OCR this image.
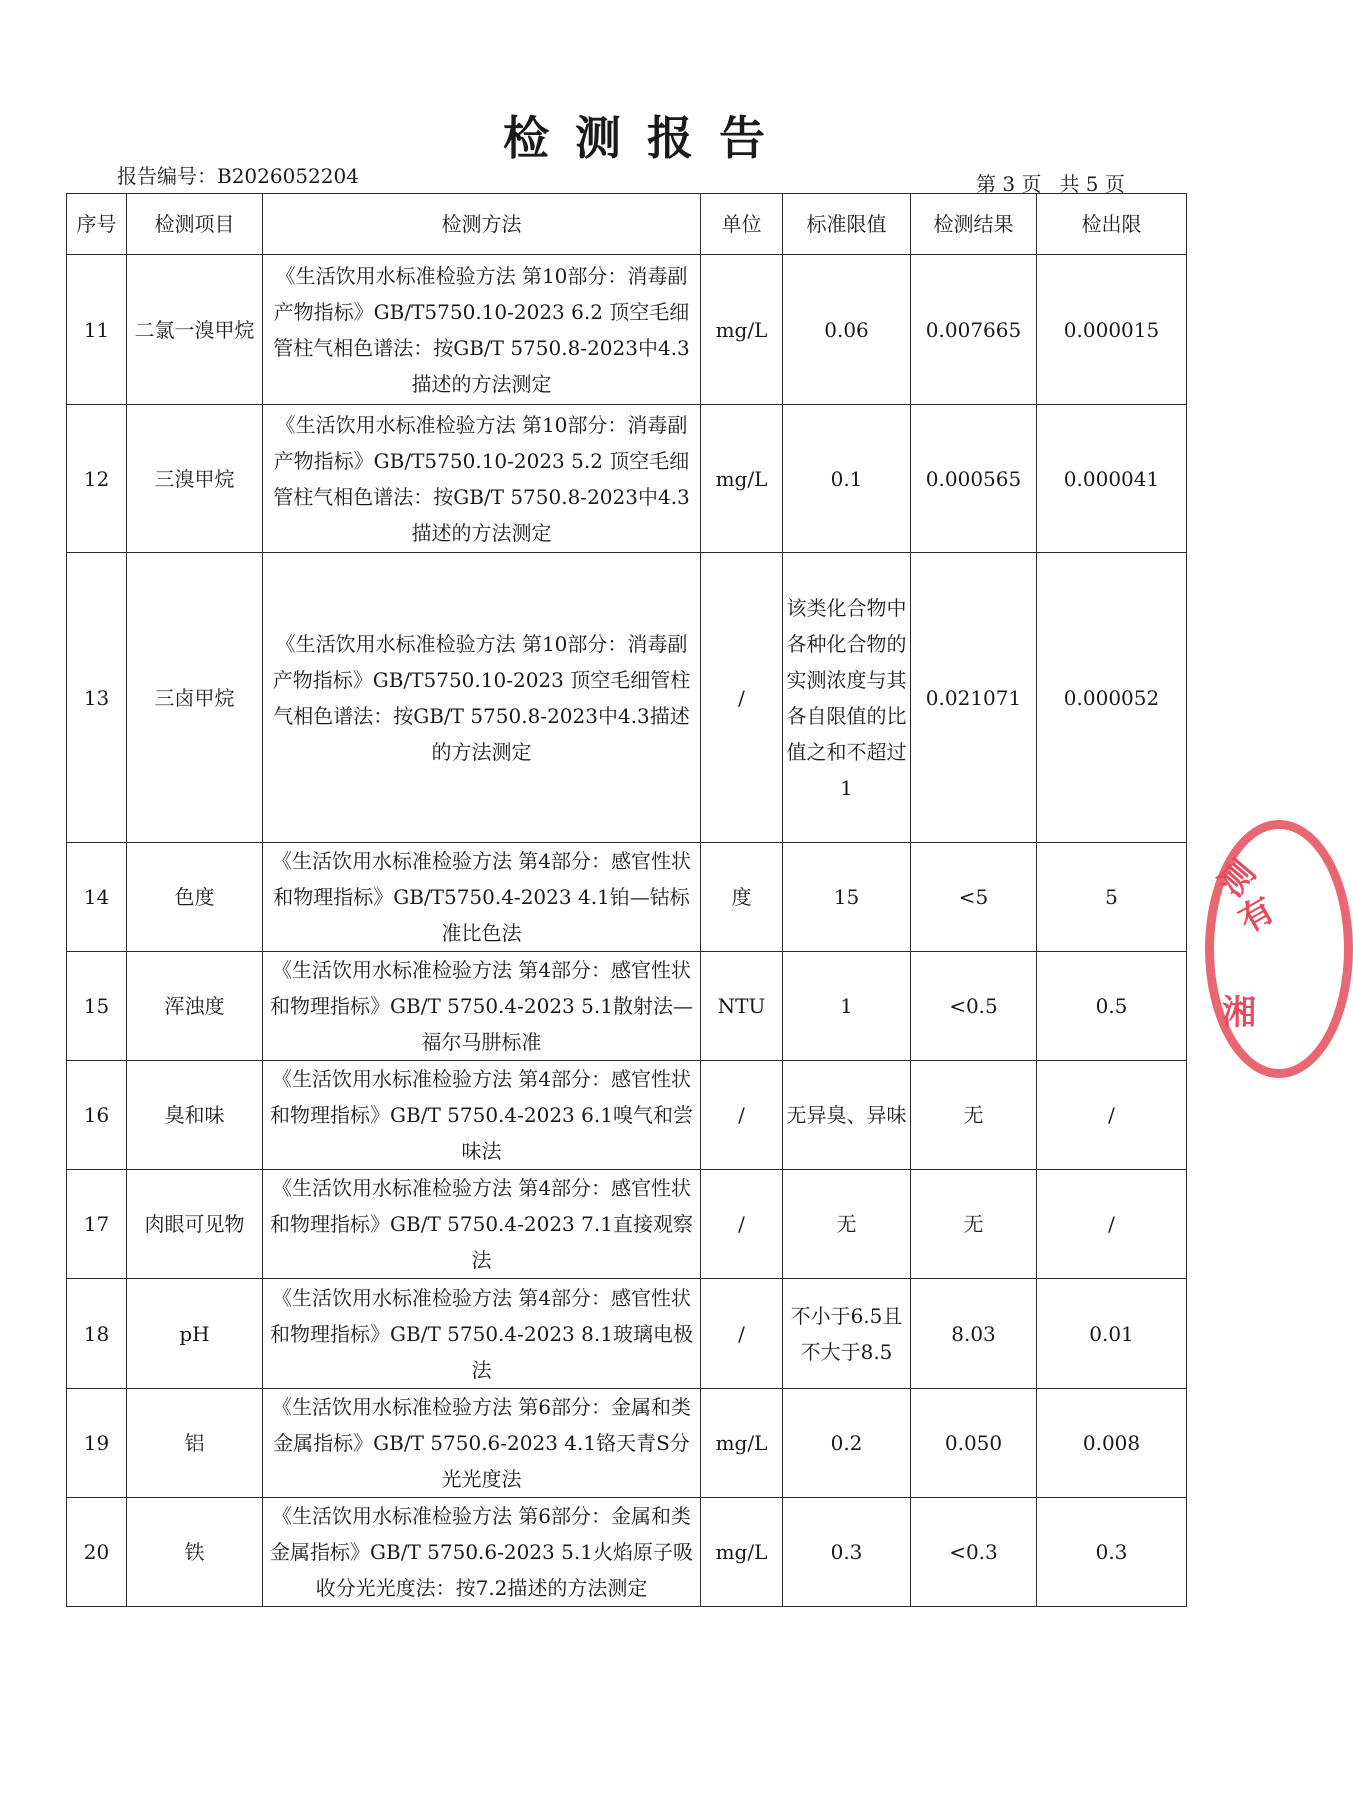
检测报告
报告编号：B2026052204	第 3 页 共 5 页
序号	检测项目	检测方法	单位	标准限值	检测结果	检出限
11	二氯一溴甲烷	《生活饮用水标准检验方法 第10部分：消毒副产物指标》GB/T5750.10-2023 6.2 顶空毛细管柱气相色谱法：按GB/T 5750.8-2023中4.3描述的方法测定	mg/L	0.06	0.007665	0.000015
12	三溴甲烷	《生活饮用水标准检验方法 第10部分：消毒副产物指标》GB/T5750.10-2023 5.2 顶空毛细管柱气相色谱法：按GB/T 5750.8-2023中4.3描述的方法测定	mg/L	0.1	0.000565	0.000041
13	三卤甲烷	《生活饮用水标准检验方法 第10部分：消毒副产物指标》GB/T5750.10-2023 顶空毛细管柱气相色谱法：按GB/T 5750.8-2023中4.3描述的方法测定	/	该类化合物中各种化合物的实测浓度与其各自限值的比值之和不超过1	0.021071	0.000052
14	色度	《生活饮用水标准检验方法 第4部分：感官性状和物理指标》GB/T5750.4-2023 4.1铂—钴标准比色法	度	15	<5	5
15	浑浊度	《生活饮用水标准检验方法 第4部分：感官性状和物理指标》GB/T 5750.4-2023 5.1散射法—福尔马肼标准	NTU	1	<0.5	0.5
16	臭和味	《生活饮用水标准检验方法 第4部分：感官性状和物理指标》GB/T 5750.4-2023 6.1嗅气和尝味法	/	无异臭、异味	无	/
17	肉眼可见物	《生活饮用水标准检验方法 第4部分：感官性状和物理指标》GB/T 5750.4-2023 7.1直接观察法	/	无	无	/
18	pH	《生活饮用水标准检验方法 第4部分：感官性状和物理指标》GB/T 5750.4-2023 8.1玻璃电极法	/	不小于6.5且不大于8.5	8.03	0.01
19	铝	《生活饮用水标准检验方法 第6部分：金属和类金属指标》GB/T 5750.6-2023 4.1铬天青S分光光度法	mg/L	0.2	0.050	0.008
20	铁	《生活饮用水标准检验方法 第6部分：金属和类金属指标》GB/T 5750.6-2023 5.1火焰原子吸收分光光度法：按7.2描述的方法测定	mg/L	0.3	<0.3	0.3
测
有
湘
